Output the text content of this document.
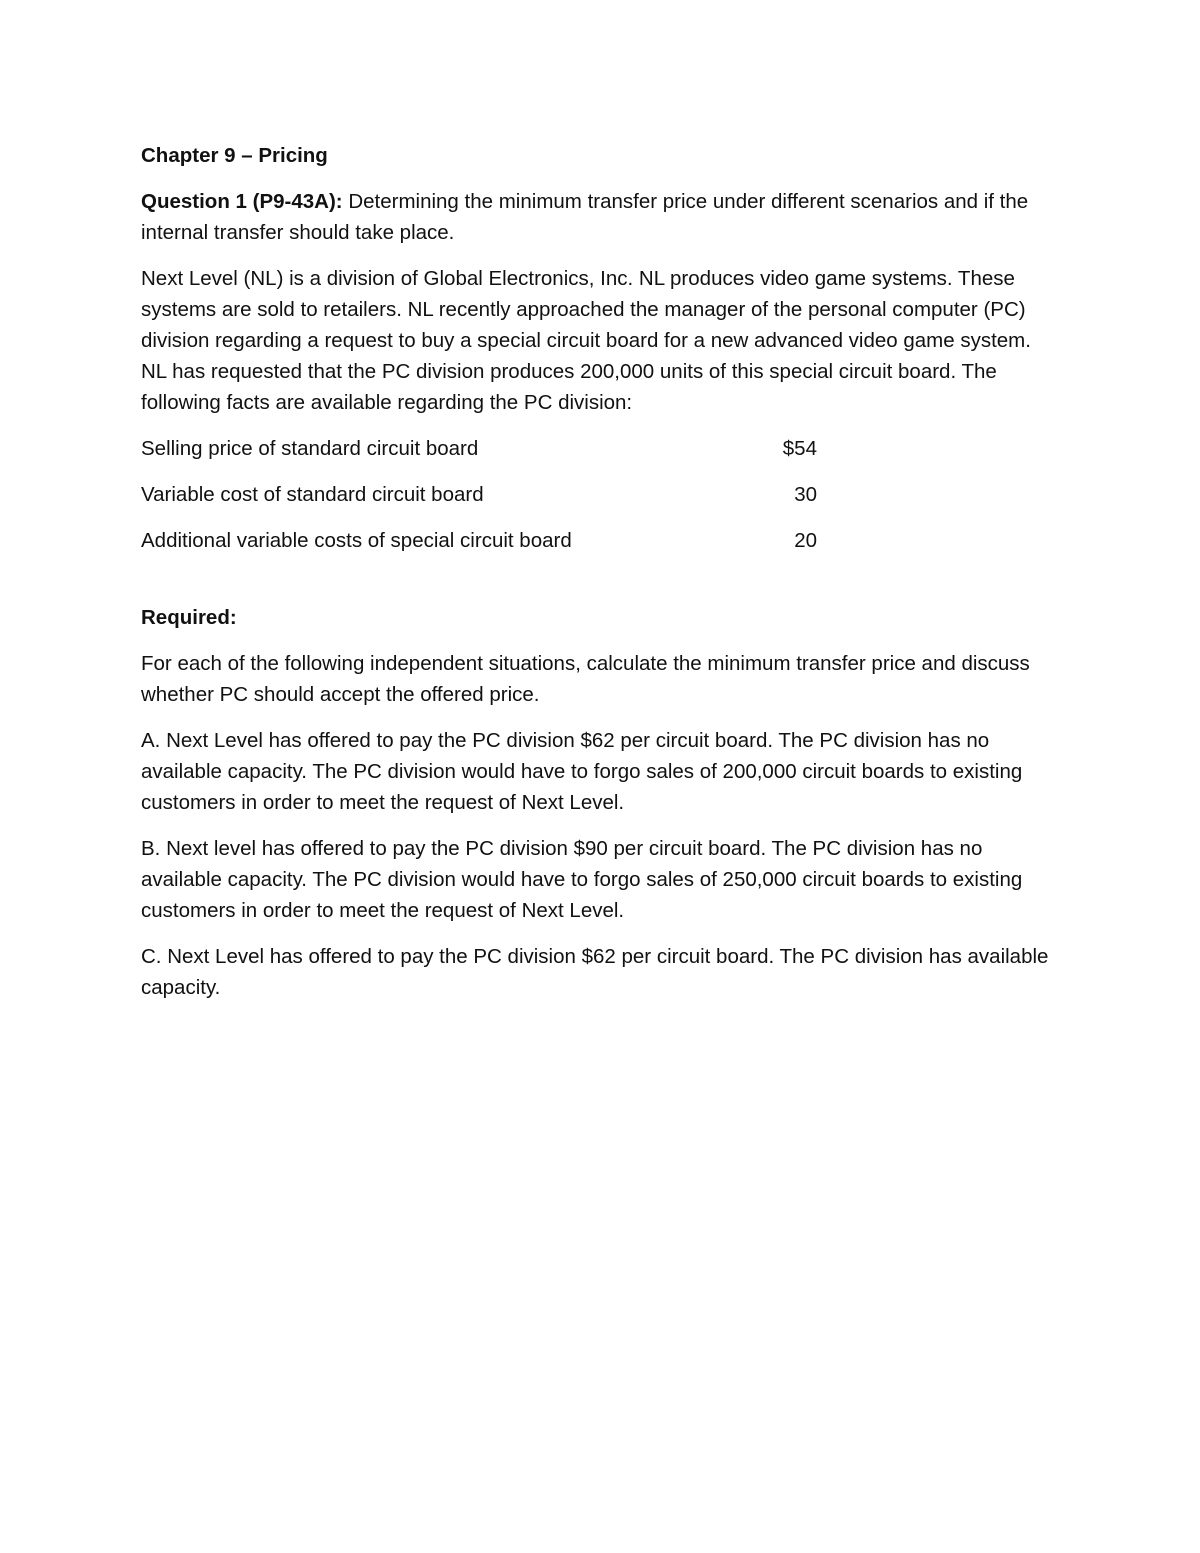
Chapter 9 – Pricing

Question 1 (P9-43A): Determining the minimum transfer price under different scenarios and if the internal transfer should take place.

Next Level (NL) is a division of Global Electronics, Inc. NL produces video game systems. These systems are sold to retailers. NL recently approached the manager of the personal computer (PC) division regarding a request to buy a special circuit board for a new advanced video game system. NL has requested that the PC division produces 200,000 units of this special circuit board. The following facts are available regarding the PC division:

Selling price of standard circuit board	$54
Variable cost of standard circuit board	30
Additional variable costs of special circuit board	20

Required:

For each of the following independent situations, calculate the minimum transfer price and discuss whether PC should accept the offered price.

A. Next Level has offered to pay the PC division $62 per circuit board. The PC division has no available capacity. The PC division would have to forgo sales of 200,000 circuit boards to existing customers in order to meet the request of Next Level.

B. Next level has offered to pay the PC division $90 per circuit board. The PC division has no available capacity. The PC division would have to forgo sales of 250,000 circuit boards to existing customers in order to meet the request of Next Level.

C. Next Level has offered to pay the PC division $62 per circuit board. The PC division has available capacity.
